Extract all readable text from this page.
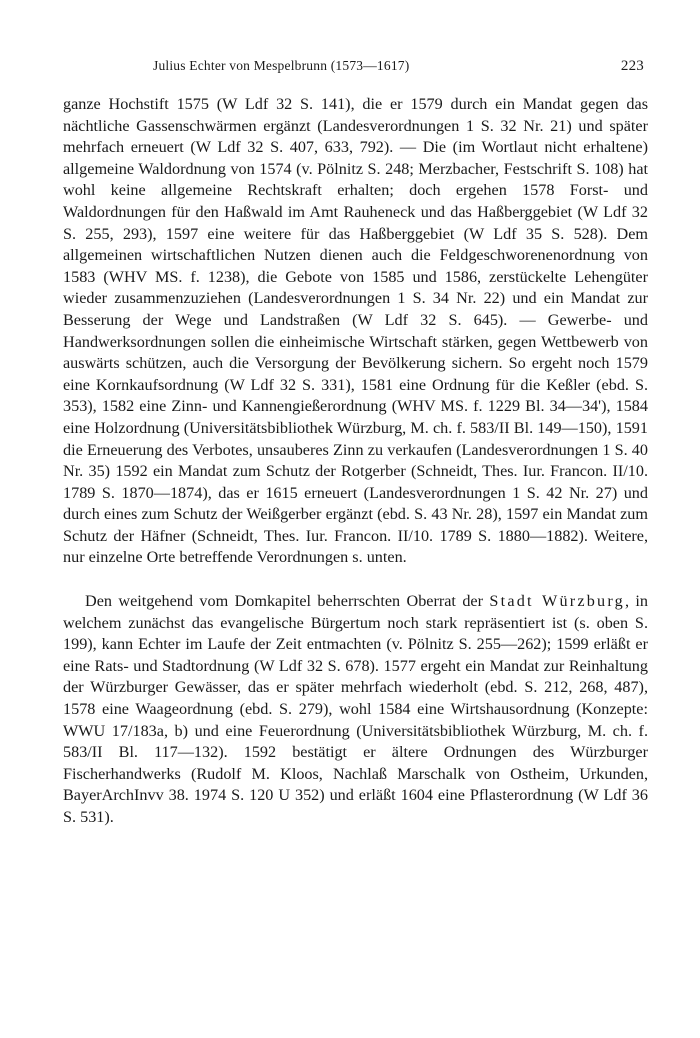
Julius Echter von Mespelbrunn (1573—1617)	223

ganze Hochstift 1575 (W Ldf 32 S. 141), die er 1579 durch ein Mandat gegen das nächtliche Gassenschwärmen ergänzt (Landesverordnungen 1 S. 32 Nr. 21) und später mehrfach erneuert (W Ldf 32 S. 407, 633, 792). — Die (im Wortlaut nicht erhaltene) allgemeine Waldordnung von 1574 (v. Pölnitz S. 248; Merzbacher, Festschrift S. 108) hat wohl keine allgemeine Rechtskraft erhalten; doch ergehen 1578 Forst- und Waldordnungen für den Haßwald im Amt Rauheneck und das Haßberggebiet (W Ldf 32 S. 255, 293), 1597 eine weitere für das Haßberggebiet (W Ldf 35 S. 528). Dem allgemeinen wirtschaftlichen Nutzen dienen auch die Feldgeschworenenordnung von 1583 (WHV MS. f. 1238), die Gebote von 1585 und 1586, zerstückelte Lehengüter wieder zusammenzuziehen (Landesverordnungen 1 S. 34 Nr. 22) und ein Mandat zur Besserung der Wege und Landstraßen (W Ldf 32 S. 645). — Gewerbe- und Handwerksordnungen sollen die einheimische Wirtschaft stärken, gegen Wettbewerb von auswärts schützen, auch die Versorgung der Bevölkerung sichern. So ergeht noch 1579 eine Kornkaufsordnung (W Ldf 32 S. 331), 1581 eine Ordnung für die Keßler (ebd. S. 353), 1582 eine Zinn- und Kannengießerordnung (WHV MS. f. 1229 Bl. 34—34'), 1584 eine Holzordnung (Universitätsbibliothek Würzburg, M. ch. f. 583/II Bl. 149—150), 1591 die Erneuerung des Verbotes, unsauberes Zinn zu verkaufen (Landesverordnungen 1 S. 40 Nr. 35) 1592 ein Mandat zum Schutz der Rotgerber (Schneidt, Thes. Iur. Francon. II/10. 1789 S. 1870—1874), das er 1615 erneuert (Landesverordnungen 1 S. 42 Nr. 27) und durch eines zum Schutz der Weißgerber ergänzt (ebd. S. 43 Nr. 28), 1597 ein Mandat zum Schutz der Häfner (Schneidt, Thes. Iur. Francon. II/10. 1789 S. 1880—1882). Weitere, nur einzelne Orte betreffende Verordnungen s. unten.

Den weitgehend vom Domkapitel beherrschten Oberrat der Stadt Würzburg, in welchem zunächst das evangelische Bürgertum noch stark repräsentiert ist (s. oben S. 199), kann Echter im Laufe der Zeit entmachten (v. Pölnitz S. 255—262); 1599 erläßt er eine Rats- und Stadtordnung (W Ldf 32 S. 678). 1577 ergeht ein Mandat zur Reinhaltung der Würzburger Gewässer, das er später mehrfach wiederholt (ebd. S. 212, 268, 487), 1578 eine Waageordnung (ebd. S. 279), wohl 1584 eine Wirtshausordnung (Konzepte: WWU 17/183a, b) und eine Feuerordnung (Universitätsbibliothek Würzburg, M. ch. f. 583/II Bl. 117—132). 1592 bestätigt er ältere Ordnungen des Würzburger Fischerhandwerks (Rudolf M. Kloos, Nachlaß Marschalk von Ostheim, Urkunden, BayerArchInvv 38. 1974 S. 120 U 352) und erläßt 1604 eine Pflasterordnung (W Ldf 36 S. 531).
